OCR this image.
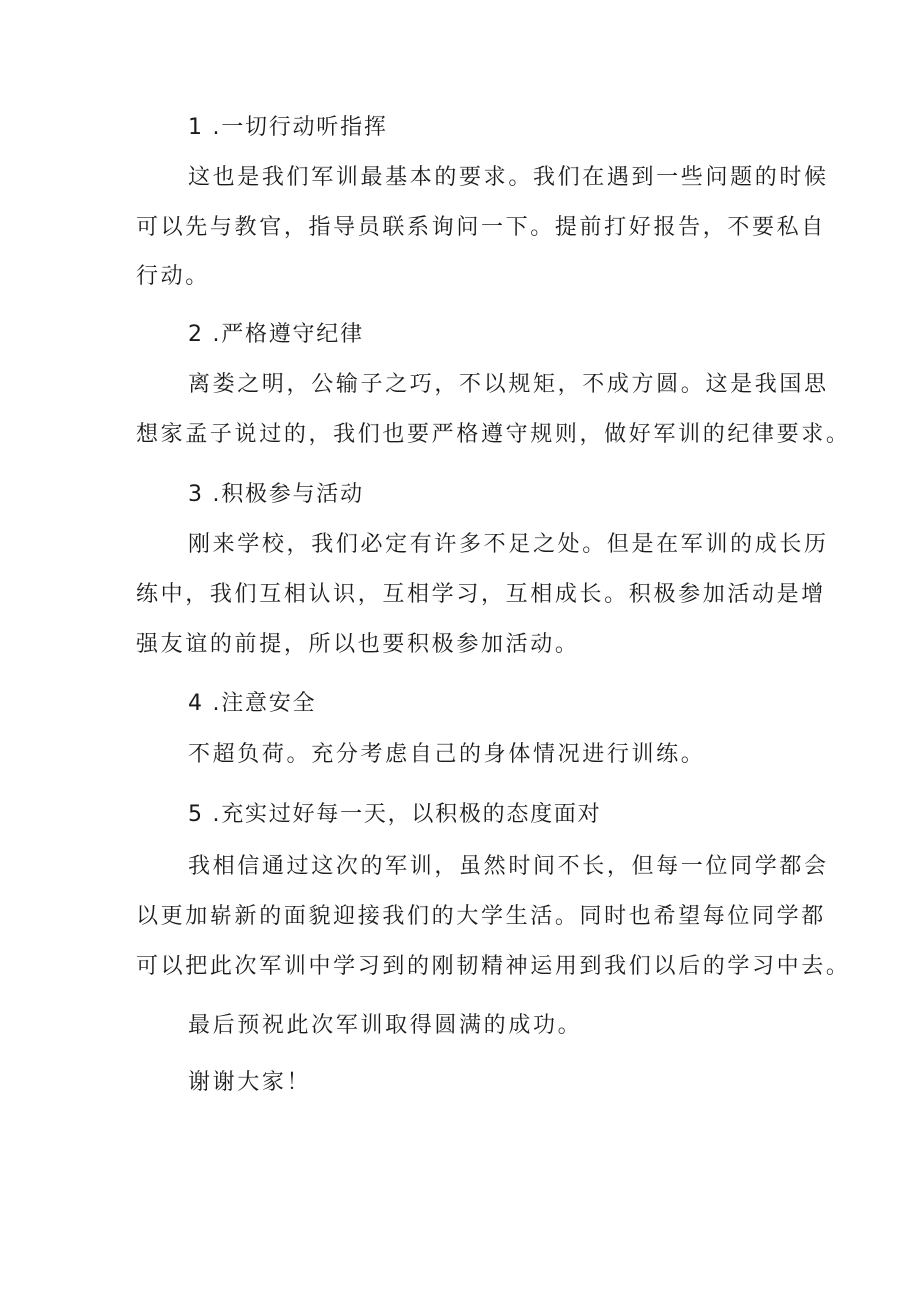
1 .一切行动听指挥

这也是我们军训最基本的要求。我们在遇到一些问题的时候

可以先与教官，指导员联系询问一下。提前打好报告，不要私自

行动。

2 .严格遵守纪律

离娄之明，公输子之巧，不以规矩，不成方圆。这是我国思

想家孟子说过的，我们也要严格遵守规则，做好军训的纪律要求。

3 .积极参与活动

刚来学校，我们必定有许多不足之处。但是在军训的成长历

练中，我们互相认识，互相学习，互相成长。积极参加活动是增

强友谊的前提，所以也要积极参加活动。

4 .注意安全

不超负荷。充分考虑自己的身体情况进行训练。

5 .充实过好每一天，以积极的态度面对

我相信通过这次的军训，虽然时间不长，但每一位同学都会

以更加崭新的面貌迎接我们的大学生活。同时也希望每位同学都

可以把此次军训中学习到的刚韧精神运用到我们以后的学习中去。

最后预祝此次军训取得圆满的成功。

谢谢大家！
